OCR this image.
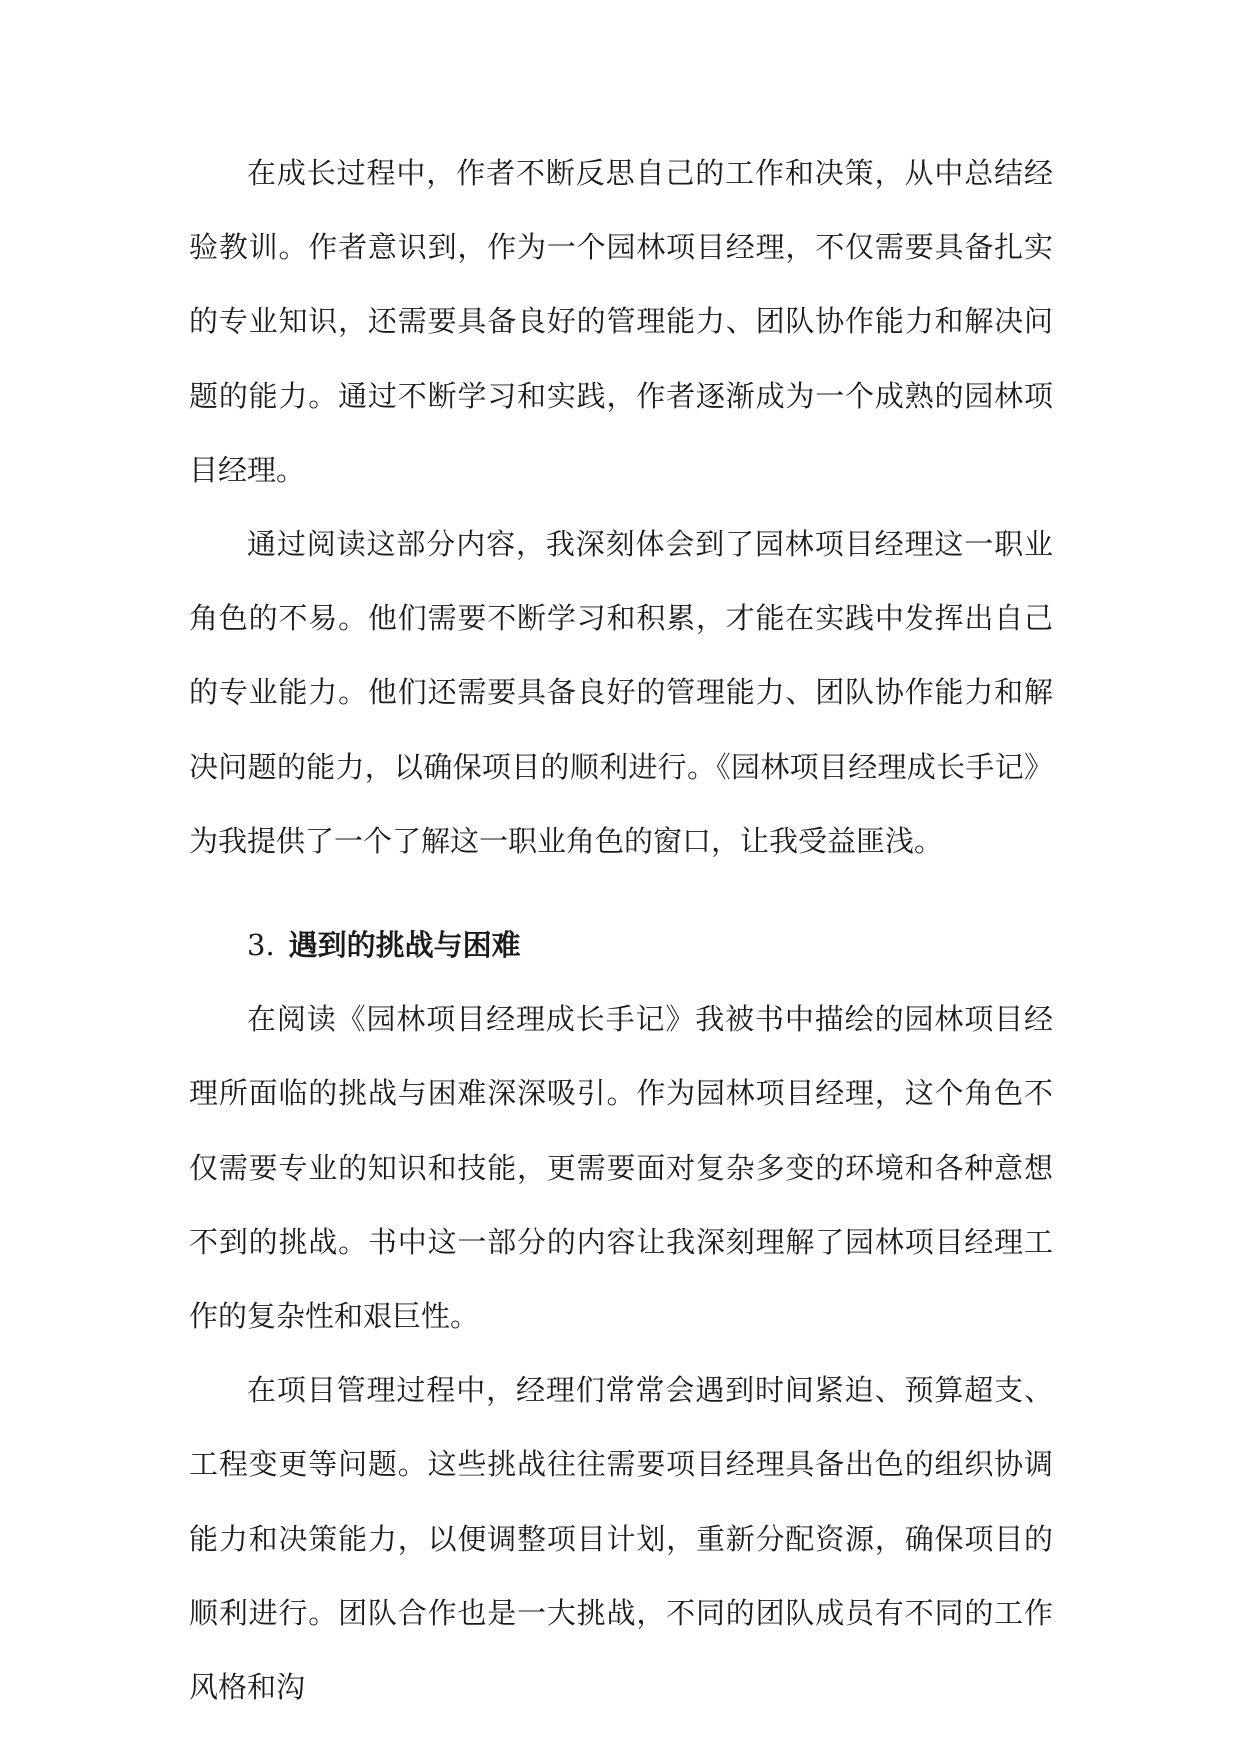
在成长过程中，作者不断反思自己的工作和决策，从中总结经验教训。作者意识到，作为一个园林项目经理，不仅需要具备扎实的专业知识，还需要具备良好的管理能力、团队协作能力和解决问题的能力。通过不断学习和实践，作者逐渐成为一个成熟的园林项目经理。

通过阅读这部分内容，我深刻体会到了园林项目经理这一职业角色的不易。他们需要不断学习和积累，才能在实践中发挥出自己的专业能力。他们还需要具备良好的管理能力、团队协作能力和解决问题的能力，以确保项目的顺利进行。《园林项目经理成长手记》为我提供了一个了解这一职业角色的窗口，让我受益匪浅。

3. 遇到的挑战与困难

在阅读《园林项目经理成长手记》我被书中描绘的园林项目经理所面临的挑战与困难深深吸引。作为园林项目经理，这个角色不仅需要专业的知识和技能，更需要面对复杂多变的环境和各种意想不到的挑战。书中这一部分的内容让我深刻理解了园林项目经理工作的复杂性和艰巨性。

在项目管理过程中，经理们常常会遇到时间紧迫、预算超支、工程变更等问题。这些挑战往往需要项目经理具备出色的组织协调能力和决策能力，以便调整项目计划，重新分配资源，确保项目的顺利进行。团队合作也是一大挑战，不同的团队成员有不同的工作风格和沟
